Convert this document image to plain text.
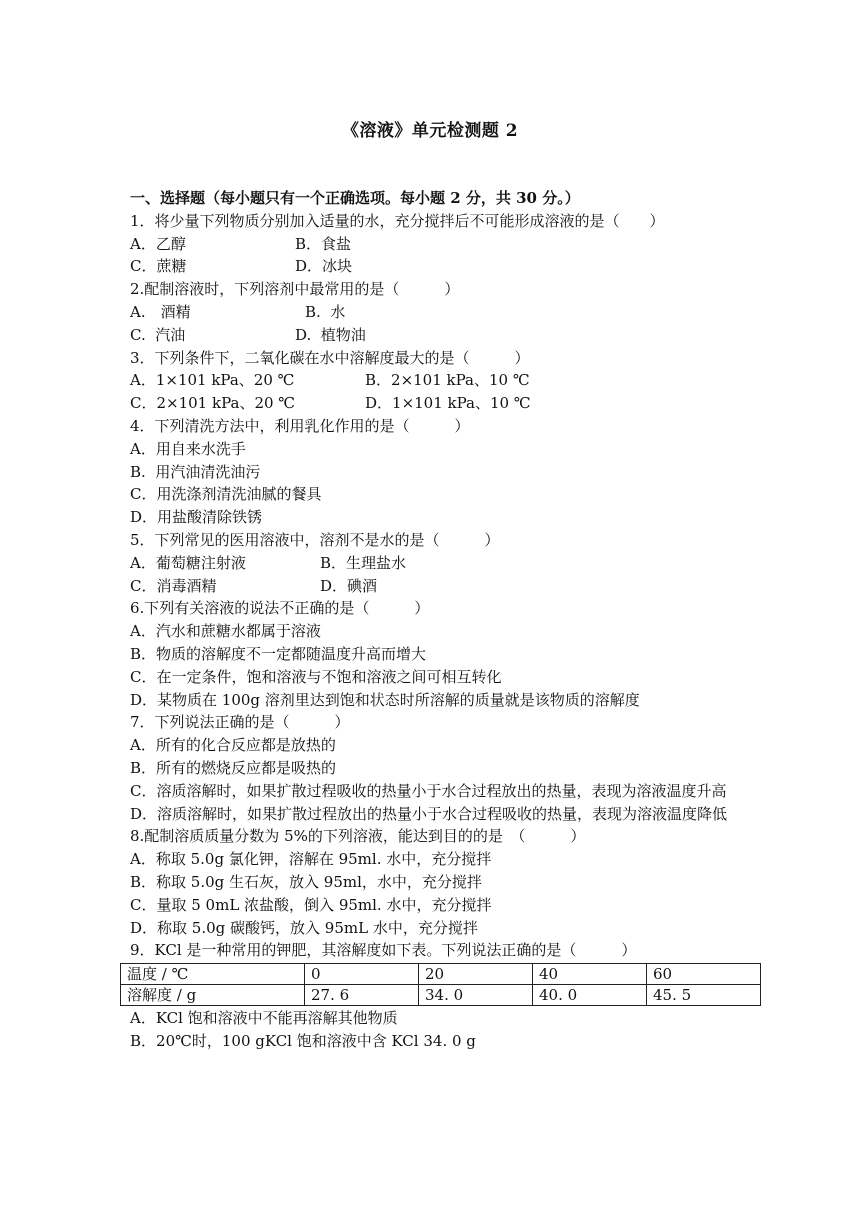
《溶液》单元检测题 2
一、选择题（每小题只有一个正确选项。每小题 2 分，共 30 分。）
1．将少量下列物质分别加入适量的水，充分搅拌后不可能形成溶液的是（　　）
A．乙醇	B．食盐
C．蔗糖	D．冰块
2.配制溶液时，下列溶剂中最常用的是（　　　）
A.　酒精	B.  水
C.  汽油	D.  植物油
3．下列条件下，二氧化碳在水中溶解度最大的是（　　　）
A．1×101 kPa、20 ℃	B．2×101 kPa、10 ℃
C．2×101 kPa、20 ℃	D．1×101 kPa、10 ℃
4．下列清洗方法中，利用乳化作用的是（　　　）
A．用自来水洗手
B.  用汽油清洗油污
C．用洗涤剂清洗油腻的餐具
D．用盐酸清除铁锈
5．下列常见的医用溶液中，溶剂不是水的是（　　　）
A．葡萄糖注射液	B．生理盐水
C．消毒酒精	D．碘酒
6.下列有关溶液的说法不正确的是（　　　）
A．汽水和蔗糖水都属于溶液
B．物质的溶解度不一定都随温度升高而增大
C．在一定条件，饱和溶液与不饱和溶液之间可相互转化
D．某物质在 100g 溶剂里达到饱和状态时所溶解的质量就是该物质的溶解度
7．下列说法正确的是（　　　）
A．所有的化合反应都是放热的
B．所有的燃烧反应都是吸热的
C．溶质溶解时，如果扩散过程吸收的热量小于水合过程放出的热量，表现为溶液温度升高
D．溶质溶解时，如果扩散过程放出的热量小于水合过程吸收的热量，表现为溶液温度降低
8.配制溶质质量分数为 5%的下列溶液，能达到目的的是　（　　　）
A．称取 5.0g 氯化钾，溶解在 95ml. 水中，充分搅拌
B．称取 5.0g 生石灰，放入 95ml，水中，充分搅拌
C．量取 5 0mL 浓盐酸，倒入 95ml. 水中，充分搅拌
D．称取 5.0g 碳酸钙，放入 95mL 水中，充分搅拌
9．KCl 是一种常用的钾肥，其溶解度如下表。下列说法正确的是（　　　）
温度 / ℃	0	20	40	60
溶解度 / g	27. 6	34. 0	40. 0	45. 5
A．KCl 饱和溶液中不能再溶解其他物质
B．20℃时，100 gKCl 饱和溶液中含 KCl 34. 0 g
